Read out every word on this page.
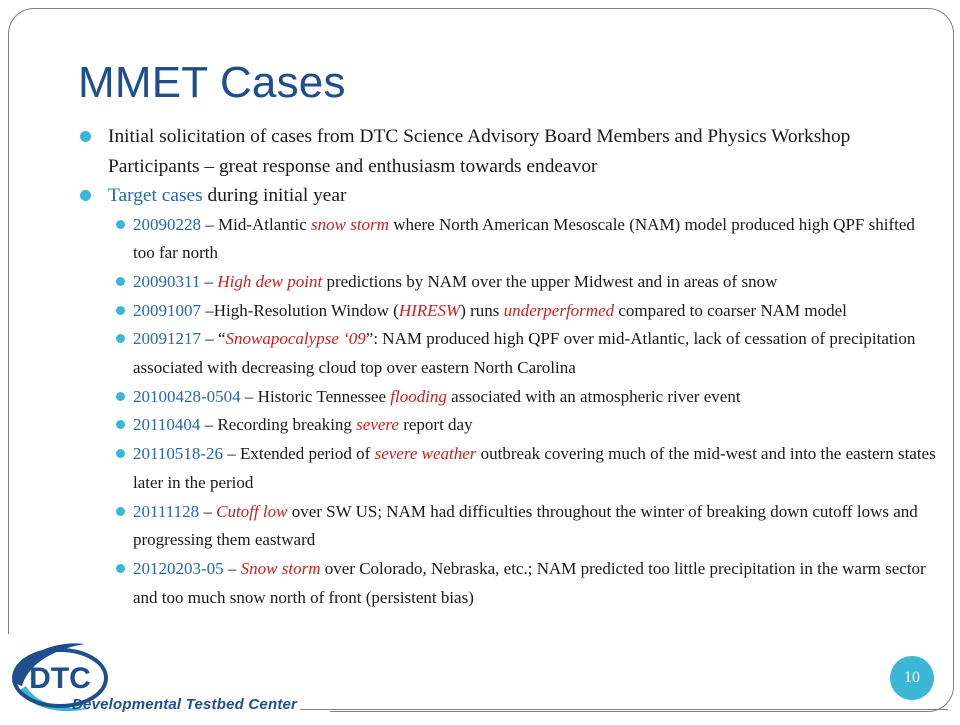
MMET Cases
Initial solicitation of cases from DTC Science Advisory Board Members and Physics Workshop Participants – great response and enthusiasm towards endeavor
Target cases during initial year
20090228 – Mid-Atlantic snow storm where North American Mesoscale (NAM) model produced high QPF shifted too far north
20090311 – High dew point predictions by NAM over the upper Midwest and in areas of snow
20091007 –High-Resolution Window (HIRESW) runs underperformed compared to coarser NAM model
20091217 – “Snowapocalypse ‘09”: NAM produced high QPF over mid-Atlantic, lack of cessation of precipitation associated with decreasing cloud top over eastern North Carolina
20100428-0504 – Historic Tennessee flooding associated with an atmospheric river event
20110404 – Recording breaking severe report day
20110518-26 – Extended period of severe weather outbreak covering much of the mid-west and into the eastern states later in the period
20111128 – Cutoff low over SW US; NAM had difficulties throughout the winter of breaking down cutoff lows and progressing them eastward
20120203-05 – Snow storm over Colorado, Nebraska, etc.; NAM predicted too little precipitation in the warm sector and too much snow north of front (persistent bias)
DTC
Developmental Testbed Center
10
